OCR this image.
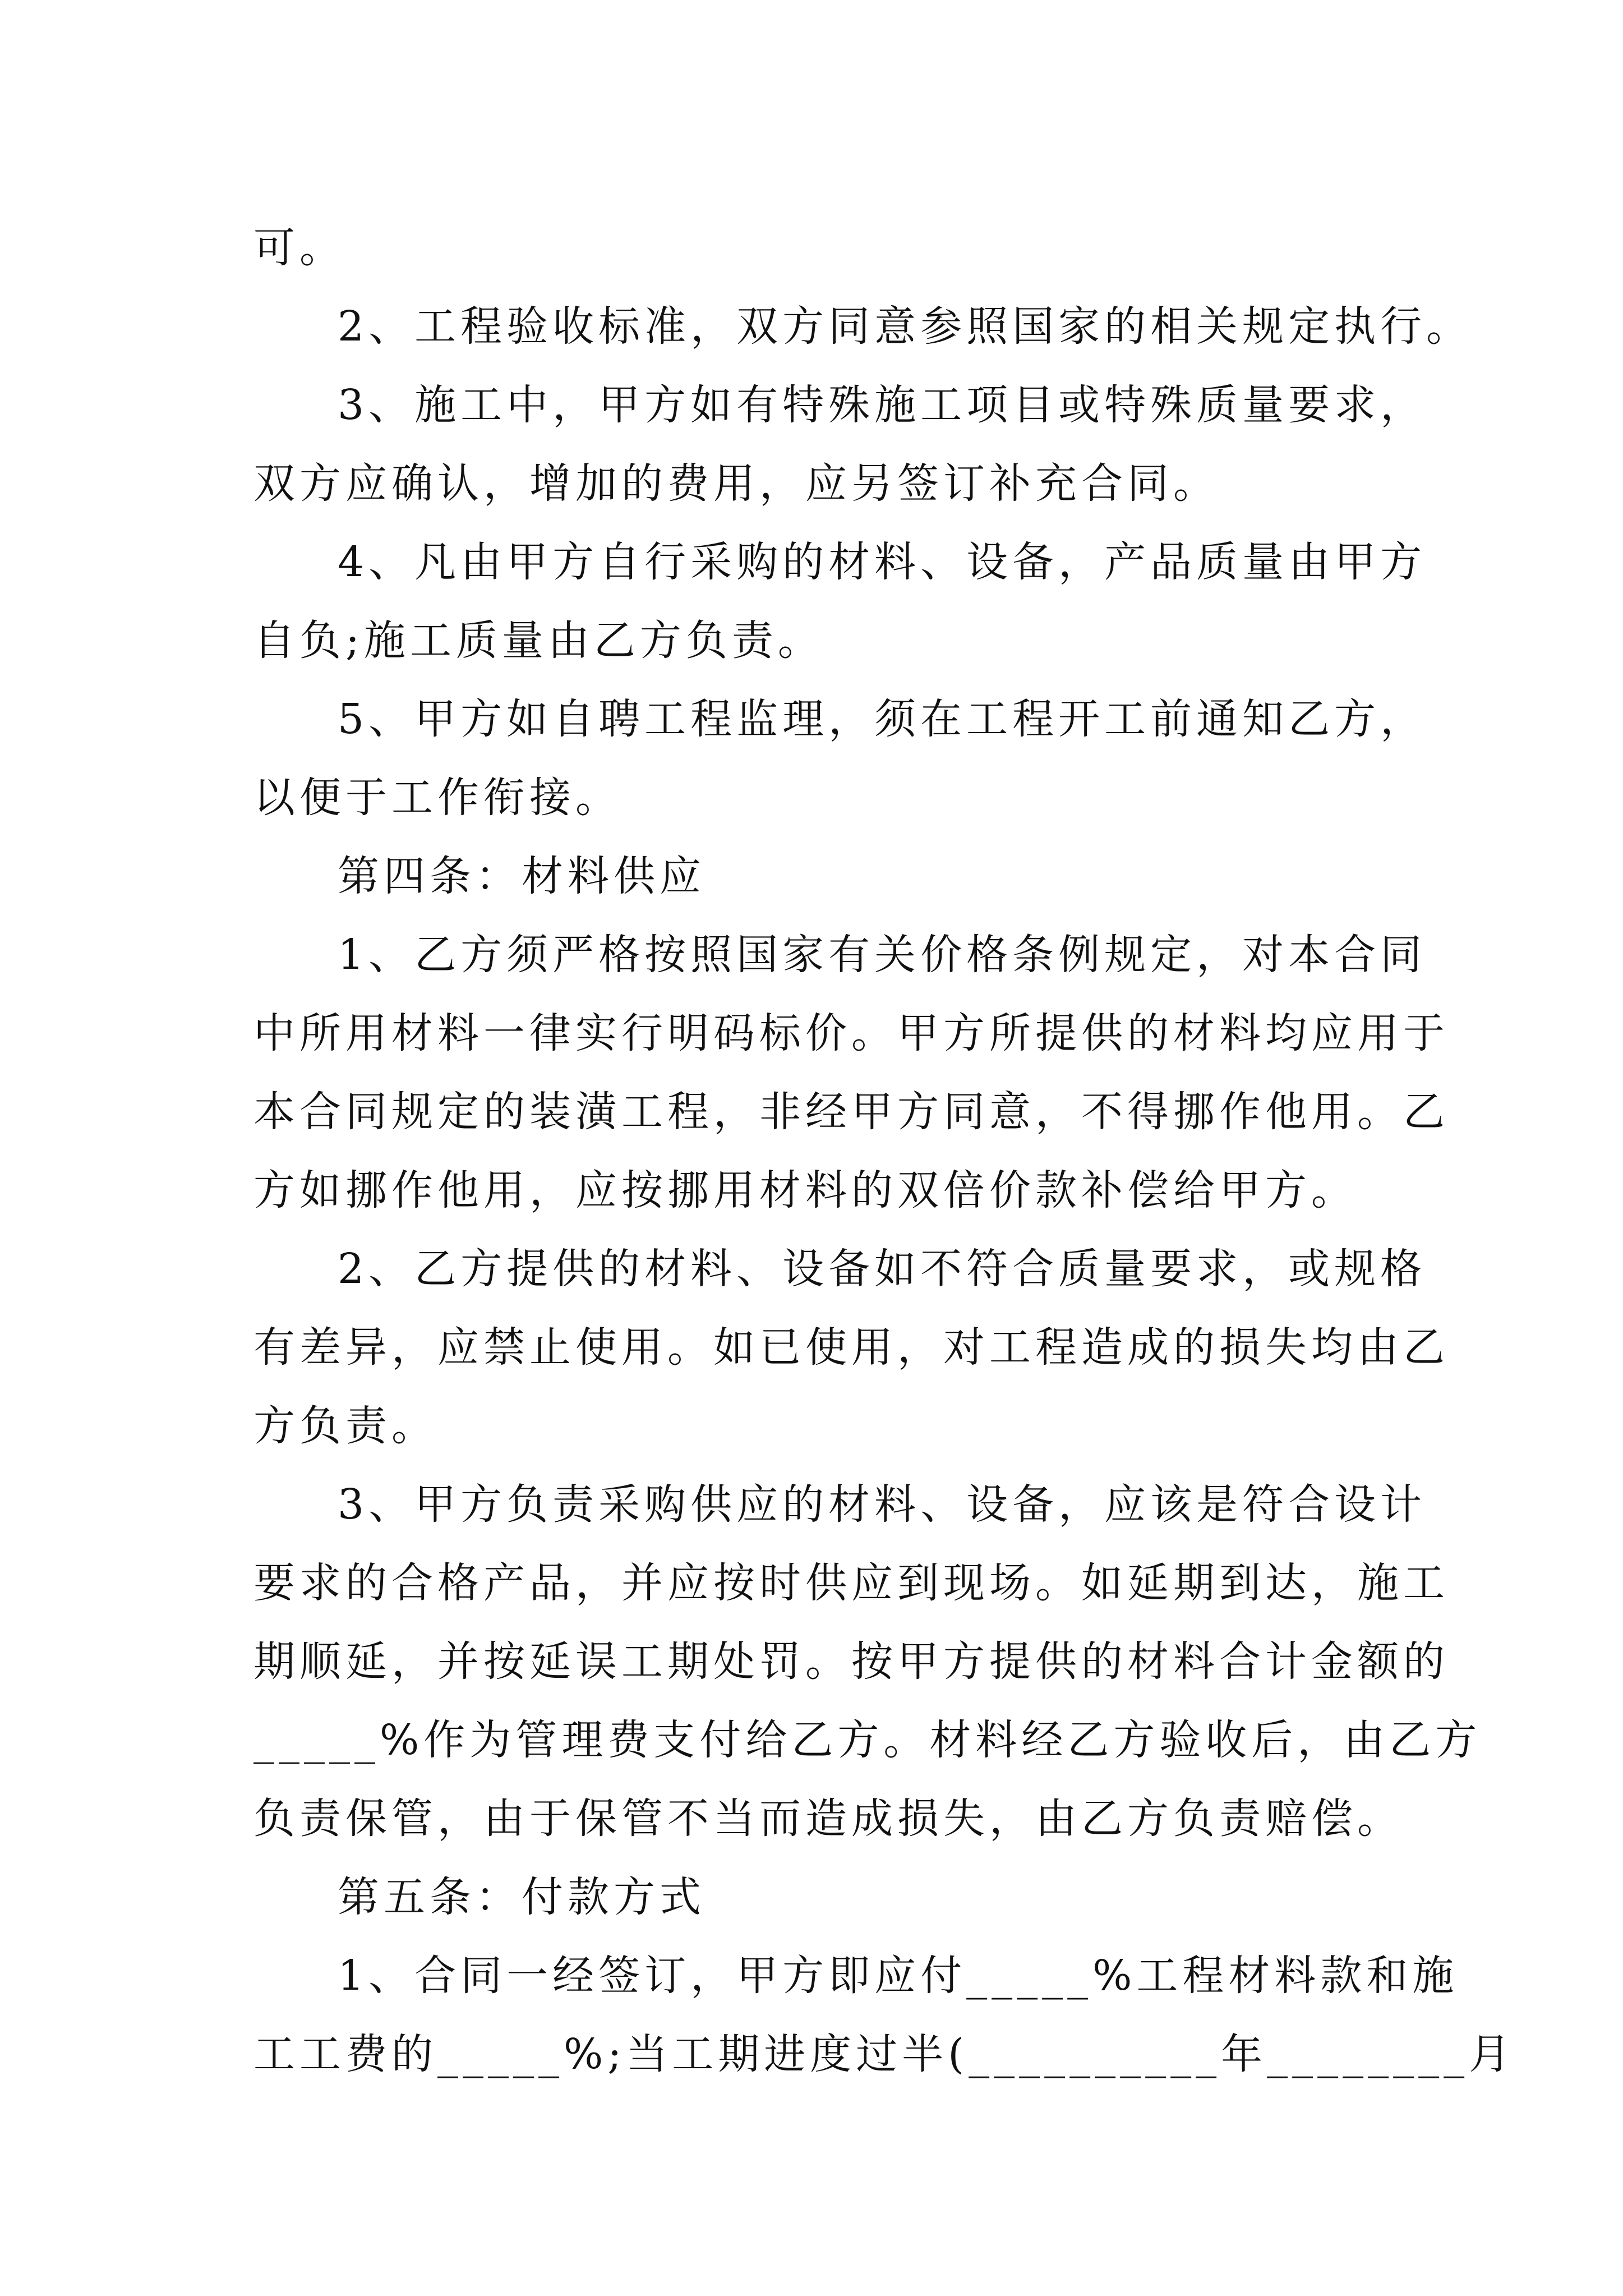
可。
2、工程验收标准，双方同意参照国家的相关规定执行。
3、施工中，甲方如有特殊施工项目或特殊质量要求，
双方应确认，增加的费用，应另签订补充合同。
4、凡由甲方自行采购的材料、设备，产品质量由甲方
自负;施工质量由乙方负责。
5、甲方如自聘工程监理，须在工程开工前通知乙方，
以便于工作衔接。
第四条：材料供应
1、乙方须严格按照国家有关价格条例规定，对本合同
中所用材料一律实行明码标价。甲方所提供的材料均应用于
本合同规定的装潢工程，非经甲方同意，不得挪作他用。乙
方如挪作他用，应按挪用材料的双倍价款补偿给甲方。
2、乙方提供的材料、设备如不符合质量要求，或规格
有差异，应禁止使用。如已使用，对工程造成的损失均由乙
方负责。
3、甲方负责采购供应的材料、设备，应该是符合设计
要求的合格产品，并应按时供应到现场。如延期到达，施工
期顺延，并按延误工期处罚。按甲方提供的材料合计金额的
_____%作为管理费支付给乙方。材料经乙方验收后，由乙方
负责保管，由于保管不当而造成损失，由乙方负责赔偿。
第五条：付款方式
1、合同一经签订，甲方即应付_____%工程材料款和施
工工费的_____%;当工期进度过半(__________年________月
